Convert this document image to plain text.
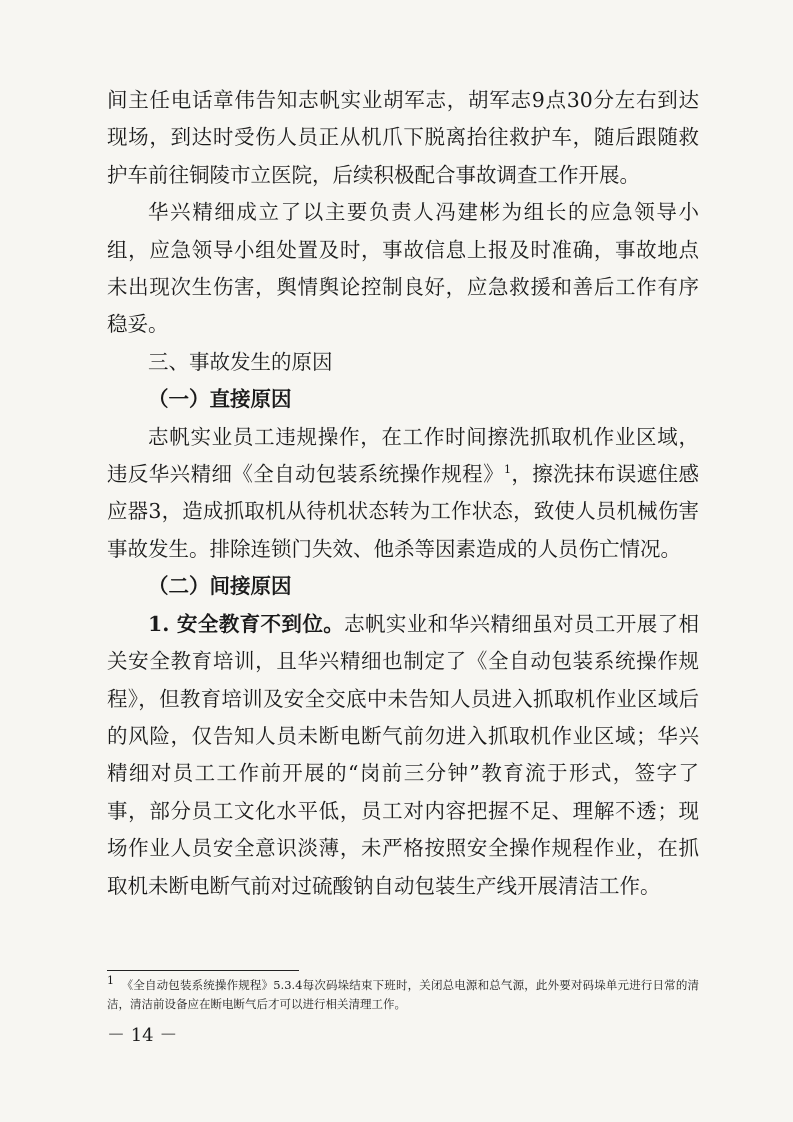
间主任电话章伟告知志帆实业胡军志，胡军志9点30分左右到达现场，到达时受伤人员正从机爪下脱离抬往救护车，随后跟随救护车前往铜陵市立医院，后续积极配合事故调查工作开展。

华兴精细成立了以主要负责人冯建彬为组长的应急领导小组，应急领导小组处置及时，事故信息上报及时准确，事故地点未出现次生伤害，舆情舆论控制良好，应急救援和善后工作有序稳妥。

三、事故发生的原因

（一）直接原因

志帆实业员工违规操作，在工作时间擦洗抓取机作业区域，违反华兴精细《全自动包装系统操作规程》$^1$，擦洗抹布误遮住感应器3，造成抓取机从待机状态转为工作状态，致使人员机械伤害事故发生。排除连锁门失效、他杀等因素造成的人员伤亡情况。

（二）间接原因

1. 安全教育不到位。志帆实业和华兴精细虽对员工开展了相关安全教育培训，且华兴精细也制定了《全自动包装系统操作规程》，但教育培训及安全交底中未告知人员进入抓取机作业区域后的风险，仅告知人员未断电断气前勿进入抓取机作业区域；华兴精细对员工工作前开展的“岗前三分钟”教育流于形式，签字了事，部分员工文化水平低，员工对内容把握不足、理解不透；现场作业人员安全意识淡薄，未严格按照安全操作规程作业，在抓取机未断电断气前对过硫酸钠自动包装生产线开展清洁工作。

$^1$ 《全自动包装系统操作规程》5.3.4每次码垛结束下班时，关闭总电源和总气源，此外要对码垛单元进行日常的清洁，清洁前设备应在断电断气后才可以进行相关清理工作。

－ 14 －
